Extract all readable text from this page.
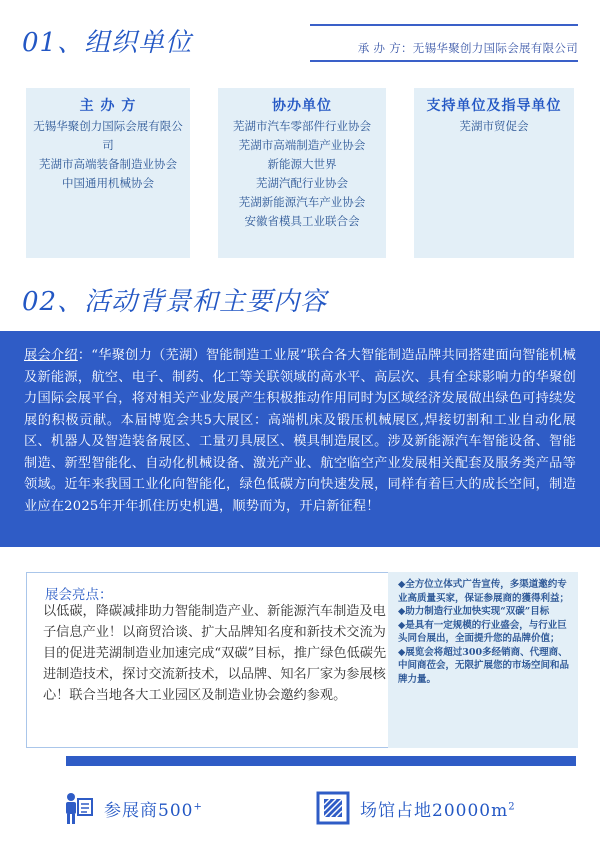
01、组织单位	承 办 方：无锡华聚创力国际会展有限公司
主 办 方
无锡华聚创力国际会展有限公司
芜湖市高端装备制造业协会
中国通用机械协会
协办单位
芜湖市汽车零部件行业协会
芜湖市高端制造产业协会
新能源大世界
芜湖汽配行业协会
芜湖新能源汽车产业协会
安徽省模具工业联合会
支持单位及指导单位
芜湖市贸促会
02、活动背景和主要内容

展会介绍：“华聚创力（芜湖）智能制造工业展”联合各大智能制造品牌共同搭建面向智能机械及新能源，航空、电子、制药、化工等关联领域的高水平、高层次、具有全球影响力的华聚创力国际会展平台，将对相关产业发展产生积极推动作用同时为区域经济发展做出绿色可持续发展的积极贡献。本届博览会共5大展区：高端机床及锻压机械展区,焊接切割和工业自动化展区、机器人及智造装备展区、工量刃具展区、模具制造展区。涉及新能源汽车智能设备、智能制造、新型智能化、自动化机械设备、激光产业、航空临空产业发展相关配套及服务类产品等领域。近年来我国工业化向智能化，绿色低碳方向快速发展，同样有着巨大的成长空间，制造业应在2025年开年抓住历史机遇，顺势而为，开启新征程！

展会亮点：
以低碳，降碳减排助力智能制造产业、新能源汽车制造及电子信息产业！以商贸洽谈、扩大品牌知名度和新技术交流为目的促进芜湖制造业加速完成“双碳”目标，推广绿色低碳先进制造技术，探讨交流新技术，以品牌、知名厂家为参展核心！联合当地各大工业园区及制造业协会邀约参观。
◆全方位立体式广告宣传，多渠道邀约专业高质量买家，保证参展商的獲得利益；
◆助力制造行业加快实现“双碳”目标
◆是具有一定规模的行业盛会，与行业巨头同台展出，全面提升您的品牌价值；
◆展览会将超过300多经销商、代理商、中间商莅会，无限扩展您的市场空间和品牌力量。
参展商500+	场馆占地$20000m^2$
